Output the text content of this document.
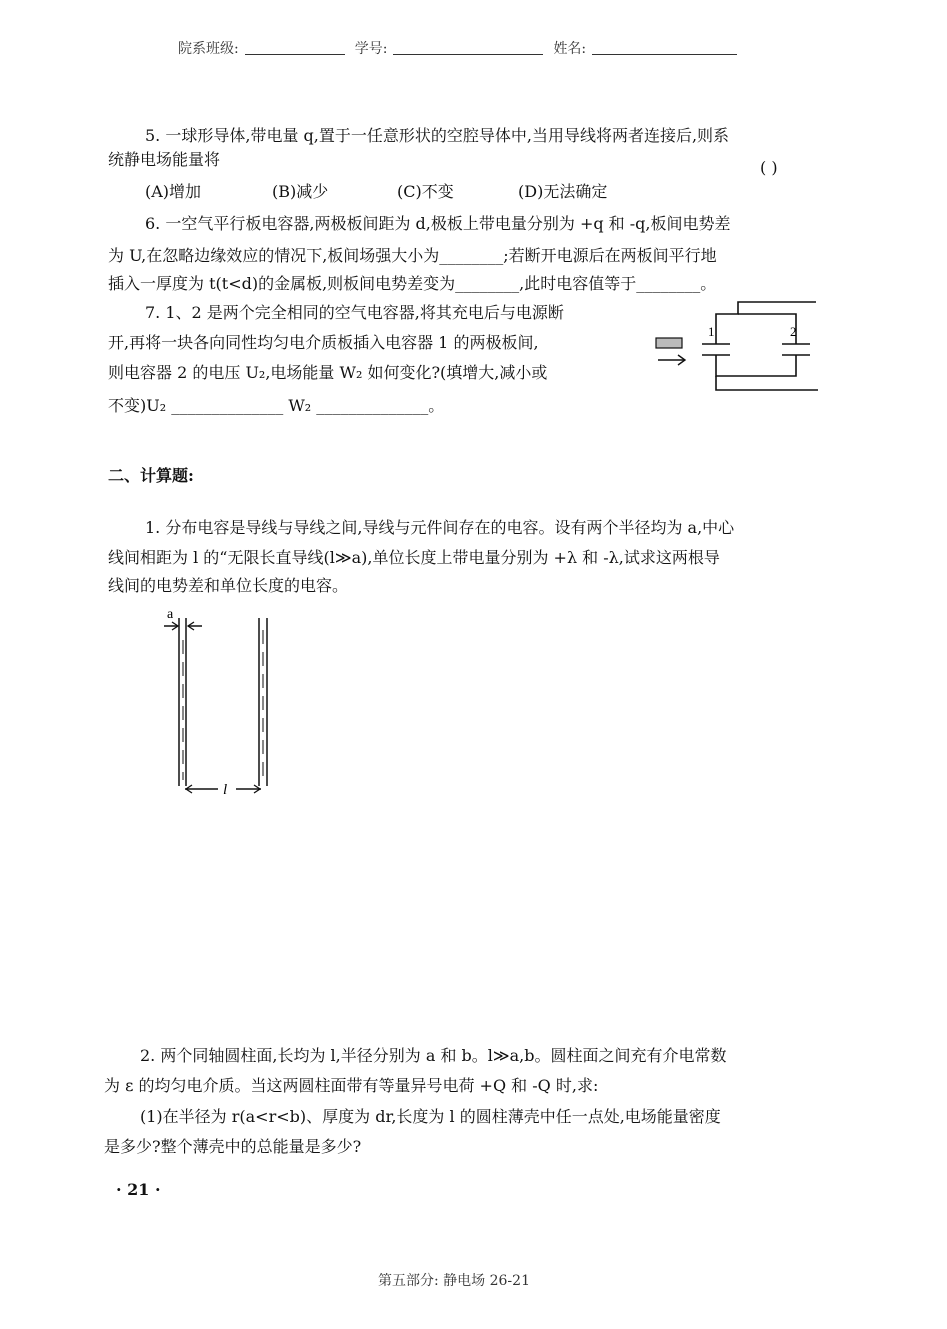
院系班级:	学号:	姓名:
5. 一球形导体,带电量 q,置于一任意形状的空腔导体中,当用导线将两者连接后,则系
统静电场能量将	( )
(A)增加	(B)减少	(C)不变	(D)无法确定
6. 一空气平行板电容器,两极板间距为 d,极板上带电量分别为 +q 和 -q,板间电势差
为 U,在忽略边缘效应的情况下,板间场强大小为________;若断开电源后在两板间平行地
插入一厚度为 t(t<d)的金属板,则板间电势差变为________,此时电容值等于________。
7. 1、2 是两个完全相同的空气电容器,将其充电后与电源断
开,再将一块各向同性均匀电介质板插入电容器 1 的两极板间,
则电容器 2 的电压 U₂,电场能量 W₂ 如何变化?(填增大,减小或
不变)U₂ ______________ W₂ ______________。
1	2
二、计算题:
1. 分布电容是导线与导线之间,导线与元件间存在的电容。设有两个半径均为 a,中心
线间相距为 l 的“无限长直导线(l≫a),单位长度上带电量分别为 +λ 和 -λ,试求这两根导
线间的电势差和单位长度的电容。
a
l
2. 两个同轴圆柱面,长均为 l,半径分别为 a 和 b。l≫a,b。圆柱面之间充有介电常数
为 ε 的均匀电介质。当这两圆柱面带有等量异号电荷 +Q 和 -Q 时,求:
(1)在半径为 r(a<r<b)、厚度为 dr,长度为 l 的圆柱薄壳中任一点处,电场能量密度
是多少?整个薄壳中的总能量是多少?
· 21 ·
第五部分: 静电场 26-21
